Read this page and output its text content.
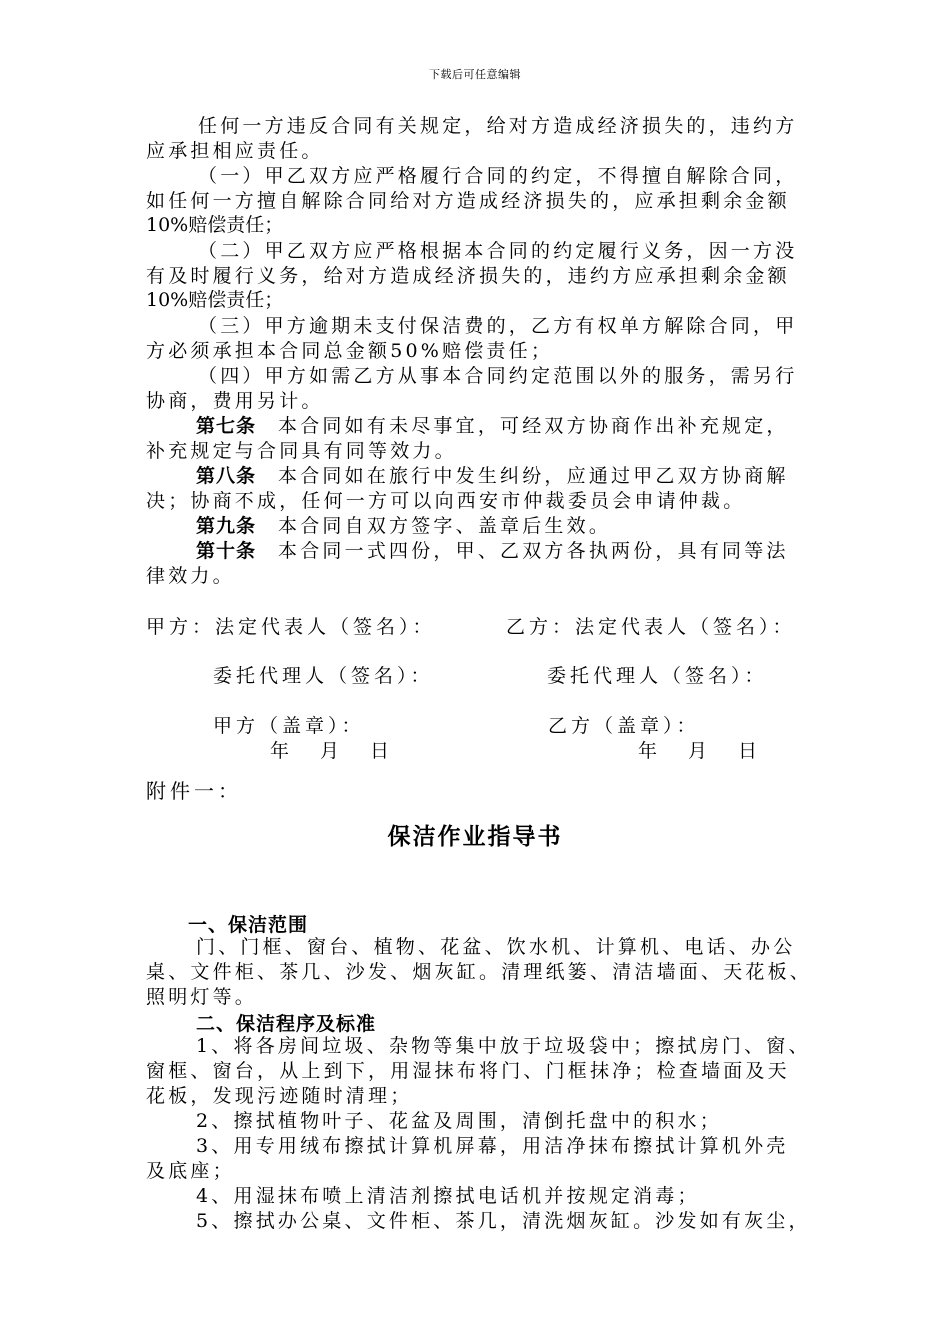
下载后可任意编辑
任何一方违反合同有关规定，给对方造成经济损失的，违约方
应承担相应责任。
（一）甲乙双方应严格履行合同的约定，不得擅自解除合同，
如任何一方擅自解除合同给对方造成经济损失的，应承担剩余金额
10%赔偿责任；
（二）甲乙双方应严格根据本合同的约定履行义务，因一方没
有及时履行义务，给对方造成经济损失的，违约方应承担剩余金额
10%赔偿责任；
（三）甲方逾期未支付保洁费的，乙方有权单方解除合同，甲
方必须承担本合同总金额50%赔偿责任；
（四）甲方如需乙方从事本合同约定范围以外的服务，需另行
协商，费用另计。
第七条 本合同如有未尽事宜，可经双方协商作出补充规定，
补充规定与合同具有同等效力。
第八条 本合同如在旅行中发生纠纷，应通过甲乙双方协商解
决；协商不成，任何一方可以向西安市仲裁委员会申请仲裁。
第九条 本合同自双方签字、盖章后生效。
第十条 本合同一式四份，甲、乙双方各执两份，具有同等法
律效力。
甲方：法定代表人（签名）：	乙方：法定代表人（签名）：
委托代理人（签名）：	委托代理人（签名）：
甲方（盖章）：	乙方（盖章）：
年　月　日	年　月　日
附件一：
保洁作业指导书
一、保洁范围
门、门框、窗台、植物、花盆、饮水机、计算机、电话、办公
桌、文件柜、茶几、沙发、烟灰缸。清理纸篓、清洁墙面、天花板、
照明灯等。
二、保洁程序及标准
1、将各房间垃圾、杂物等集中放于垃圾袋中；擦拭房门、窗、
窗框、窗台，从上到下，用湿抹布将门、门框抹净；检查墙面及天
花板，发现污迹随时清理；
2、擦拭植物叶子、花盆及周围，清倒托盘中的积水；
3、用专用绒布擦拭计算机屏幕，用洁净抹布擦拭计算机外壳
及底座；
4、用湿抹布喷上清洁剂擦拭电话机并按规定消毒；
5、擦拭办公桌、文件柜、茶几，清洗烟灰缸。沙发如有灰尘，
